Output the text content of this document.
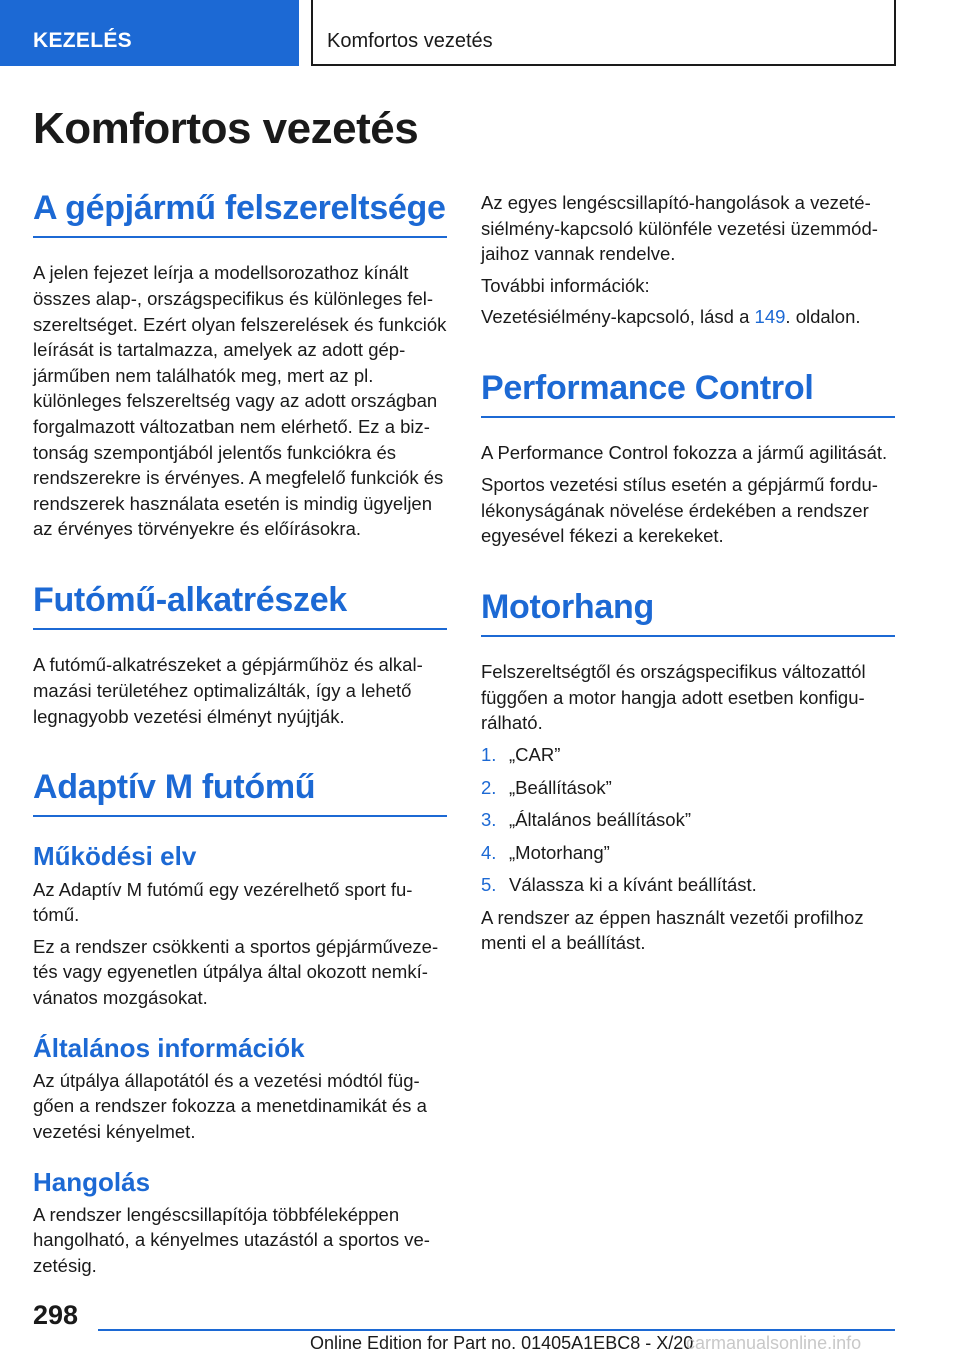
KEZELÉS	Komfortos vezetés
Komfortos vezetés
A gépjármű felszereltsége

A jelen fejezet leírja a modellsorozathoz kínált összes alap-, országspecifikus és különleges felszereltséget. Ezért olyan felszerelések és funkciók leírását is tartalmazza, amelyek az adott gépjárműben nem találhatók meg, mert az pl. különleges felszereltség vagy az adott országban forgalmazott változatban nem elérhető. Ez a biztonság szempontjából jelentős funkciókra és rendszerekre is érvényes. A megfelelő funkciók és rendszerek használata esetén is mindig ügyeljen az érvényes törvényekre és előírásokra.

Futómű-alkatrészek

A futómű-alkatrészeket a gépjárműhöz és alkalmazási területéhez optimalizálták, így a lehető legnagyobb vezetési élményt nyújtják.

Adaptív M futómű
Működési elv

Az Adaptív M futómű egy vezérelhető sport futómű.

Ez a rendszer csökkenti a sportos gépjárművezetés vagy egyenetlen útpálya által okozott nemkívánatos mozgásokat.

Általános információk

Az útpálya állapotától és a vezetési módtól függően a rendszer fokozza a menetdinamikát és a vezetési kényelmet.

Hangolás

A rendszer lengéscsillapítója többféleképpen hangolható, a kényelmes utazástól a sportos vezetésig.

Az egyes lengéscsillapító-hangolások a vezetésiélmény-kapcsoló különféle vezetési üzemmódjaihoz vannak rendelve.

További információk:

Vezetésiélmény-kapcsoló, lásd a 149. oldalon.

Performance Control

A Performance Control fokozza a jármű agilitását.

Sportos vezetési stílus esetén a gépjármű fordulékonyságának növelése érdekében a rendszer egyesével fékezi a kerekeket.

Motorhang

Felszereltségtől és országspecifikus változattól függően a motor hangja adott esetben konfigurálható.

1. „CAR”
2. „Beállítások”
3. „Általános beállítások”
4. „Motorhang”
5. Válassza ki a kívánt beállítást.

A rendszer az éppen használt vezetői profilhoz menti el a beállítást.

298
Online Edition for Part no. 01405A1EBC8 - X/20
carmanualsonline.info
